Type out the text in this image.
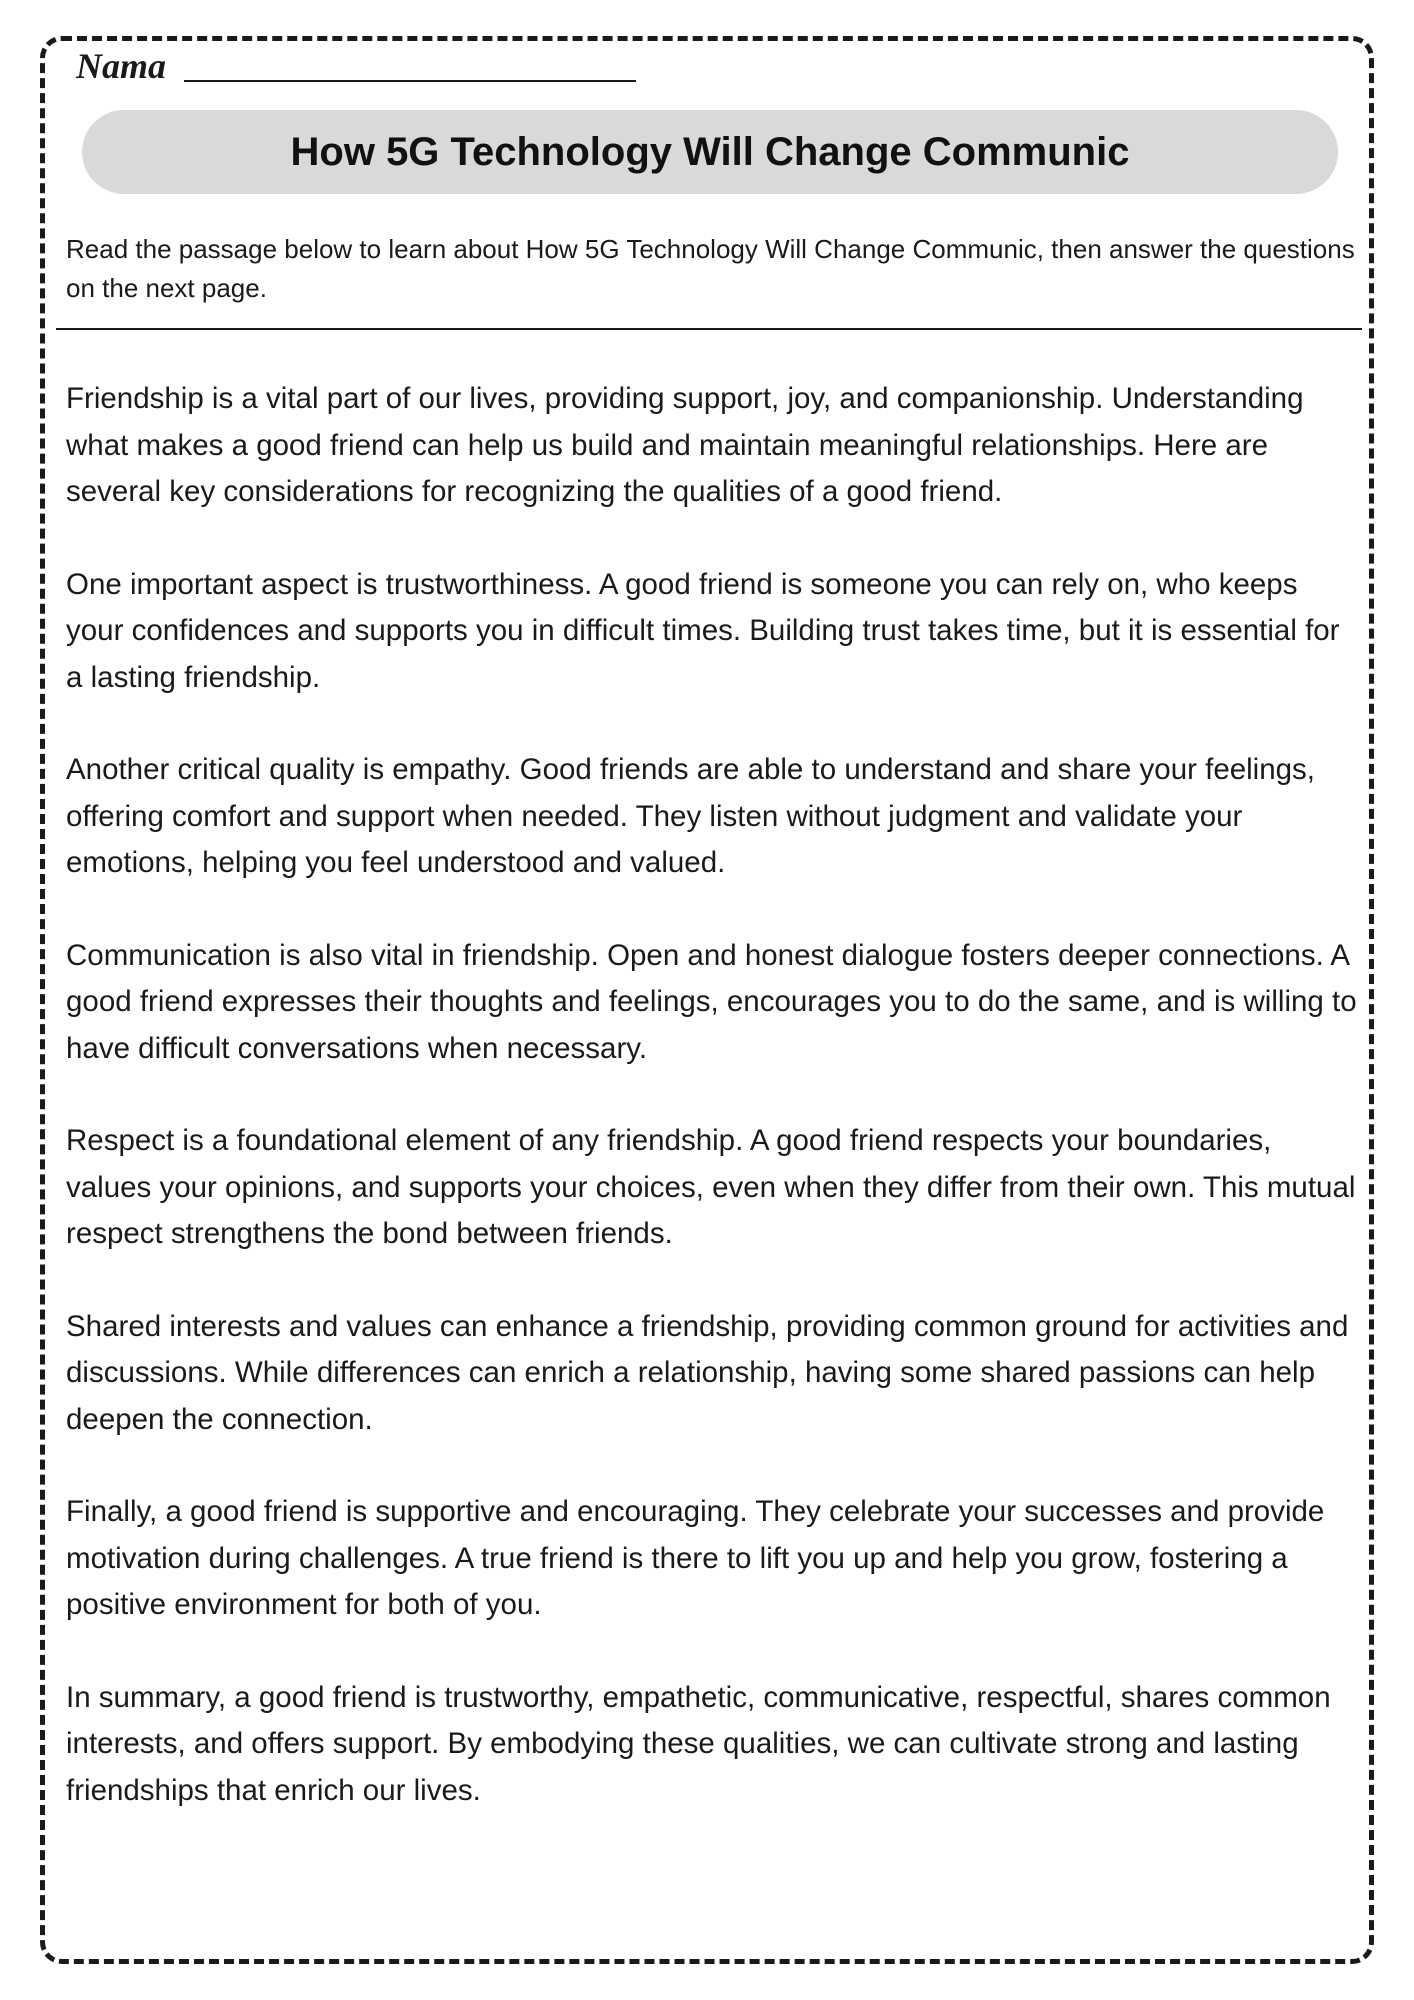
Nama
How 5G Technology Will Change Communic
Read the passage below to learn about How 5G Technology Will Change Communic, then answer the questions on the next page.

Friendship is a vital part of our lives, providing support, joy, and companionship. Understanding what makes a good friend can help us build and maintain meaningful relationships. Here are several key considerations for recognizing the qualities of a good friend.

One important aspect is trustworthiness. A good friend is someone you can rely on, who keeps your confidences and supports you in difficult times. Building trust takes time, but it is essential for a lasting friendship.

Another critical quality is empathy. Good friends are able to understand and share your feelings, offering comfort and support when needed. They listen without judgment and validate your emotions, helping you feel understood and valued.

Communication is also vital in friendship. Open and honest dialogue fosters deeper connections. A good friend expresses their thoughts and feelings, encourages you to do the same, and is willing to have difficult conversations when necessary.

Respect is a foundational element of any friendship. A good friend respects your boundaries, values your opinions, and supports your choices, even when they differ from their own. This mutual respect strengthens the bond between friends.

Shared interests and values can enhance a friendship, providing common ground for activities and discussions. While differences can enrich a relationship, having some shared passions can help deepen the connection.

Finally, a good friend is supportive and encouraging. They celebrate your successes and provide motivation during challenges. A true friend is there to lift you up and help you grow, fostering a positive environment for both of you.

In summary, a good friend is trustworthy, empathetic, communicative, respectful, shares common interests, and offers support. By embodying these qualities, we can cultivate strong and lasting friendships that enrich our lives.
